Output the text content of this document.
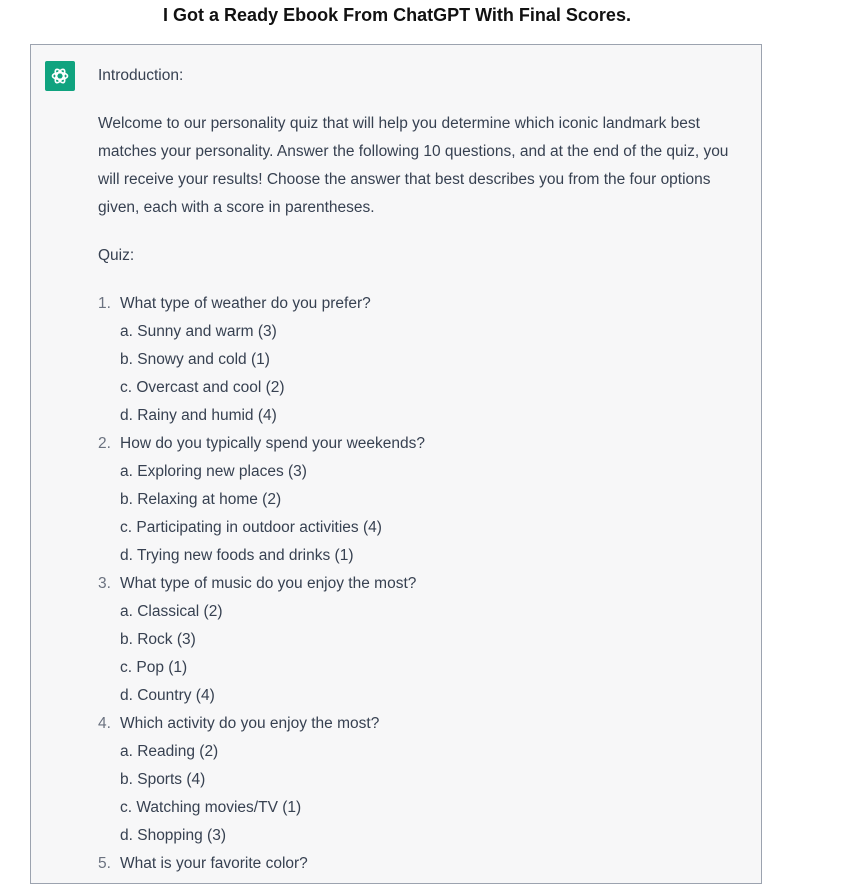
I Got a Ready Ebook From ChatGPT With Final Scores.

Introduction:

Welcome to our personality quiz that will help you determine which iconic landmark best matches your personality. Answer the following 10 questions, and at the end of the quiz, you will receive your results! Choose the answer that best describes you from the four options given, each with a score in parentheses.

Quiz:

1. What type of weather do you prefer?
a. Sunny and warm (3)
b. Snowy and cold (1)
c. Overcast and cool (2)
d. Rainy and humid (4)
2. How do you typically spend your weekends?
a. Exploring new places (3)
b. Relaxing at home (2)
c. Participating in outdoor activities (4)
d. Trying new foods and drinks (1)
3. What type of music do you enjoy the most?
a. Classical (2)
b. Rock (3)
c. Pop (1)
d. Country (4)
4. Which activity do you enjoy the most?
a. Reading (2)
b. Sports (4)
c. Watching movies/TV (1)
d. Shopping (3)
5. What is your favorite color?
